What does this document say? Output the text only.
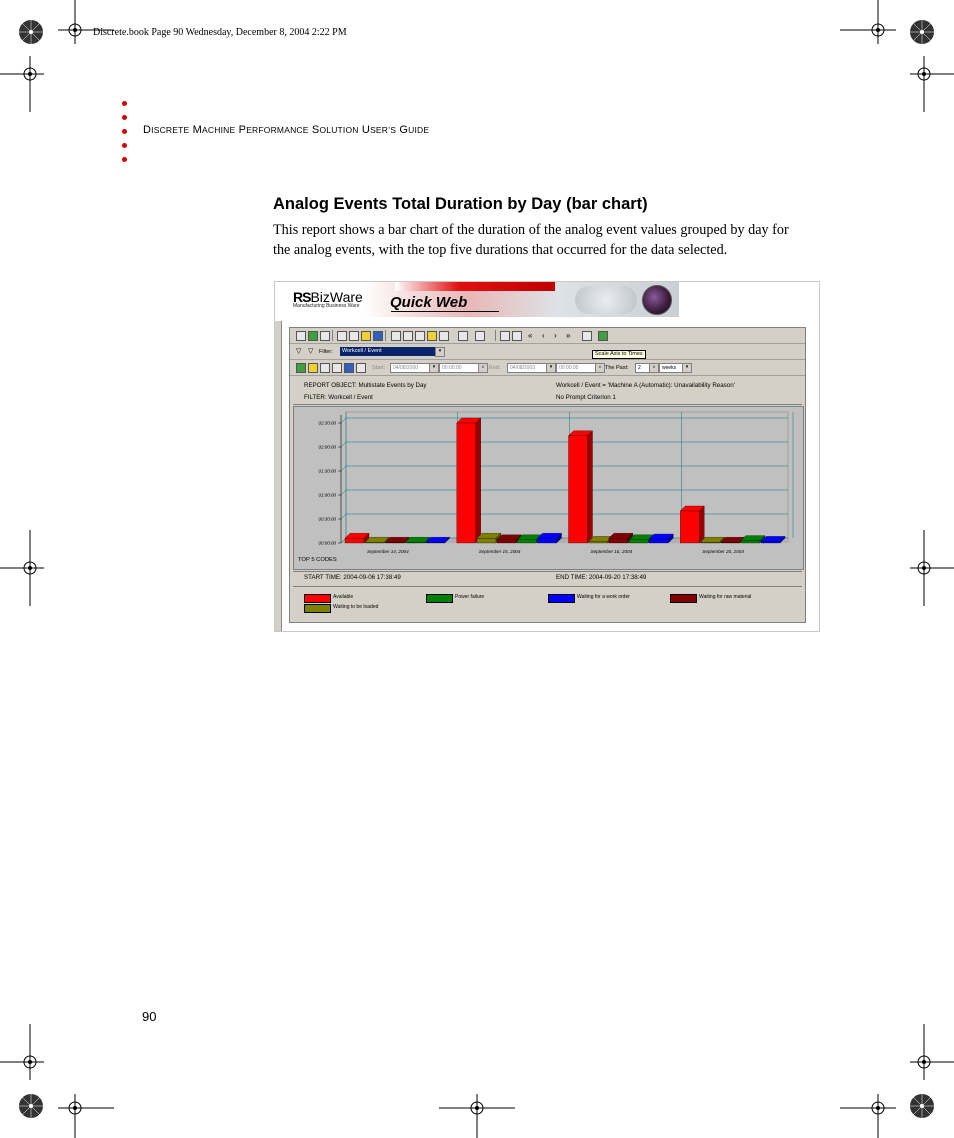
Discrete.book Page 90 Wednesday, December 8, 2004 2:22 PM
DISCRETE MACHINE PERFORMANCE SOLUTION USER’S GUIDE
Analog Events Total Duration by Day (bar chart)
This report shows a bar chart of the duration of the analog event values grouped by day for the analog events, with the top five durations that occurred for the data selected.
RSBizWare
Manufacturing Business Ware Quick Web
« ‹ › »
▽ ▽ Filter:	Workcell / Event	▾
Start:	04/08/2000	▾	00:00:00	± End:	04/08/2003	▾	00:00:00	± The Past:	2	±	weeks	▾
Scale Axis to Times
REPORT OBJECT: Multistate Events by Day	Workcell / Event = 'Machine A (Automatic): Unavailability Reason'
FILTER: Workcell / Event	No Prompt Criterion 1
00:00:00
00:30:00
01:00:00
01:30:00
02:00:00
02:30:00
September 14, 2004	September 15, 2004	September 16, 2004	September 20, 2004
TOP 5 CODES
START TIME: 2004-09-06 17:38:49	END TIME: 2004-09-20 17:38:49
Available	Power failure	Waiting for a work order	Waiting for raw material
Waiting to be loaded
90
